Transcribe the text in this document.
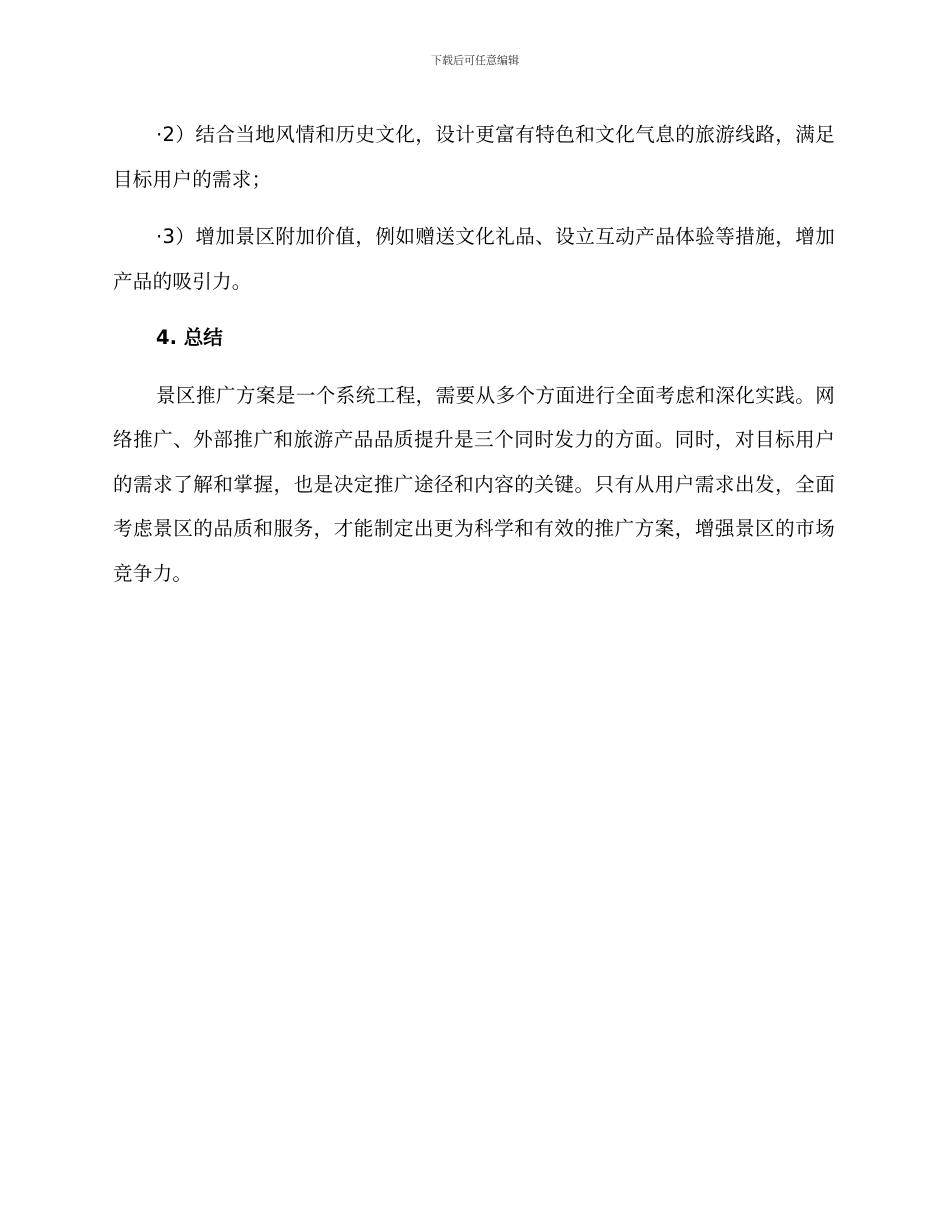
下载后可任意编辑

·2）结合当地风情和历史文化，设计更富有特色和文化气息的旅游线路，满足目标用户的需求；

·3）增加景区附加价值，例如赠送文化礼品、设立互动产品体验等措施，增加产品的吸引力。

4. 总结

景区推广方案是一个系统工程，需要从多个方面进行全面考虑和深化实践。网络推广、外部推广和旅游产品品质提升是三个同时发力的方面。同时，对目标用户的需求了解和掌握，也是决定推广途径和内容的关键。只有从用户需求出发，全面考虑景区的品质和服务，才能制定出更为科学和有效的推广方案，增强景区的市场竞争力。
